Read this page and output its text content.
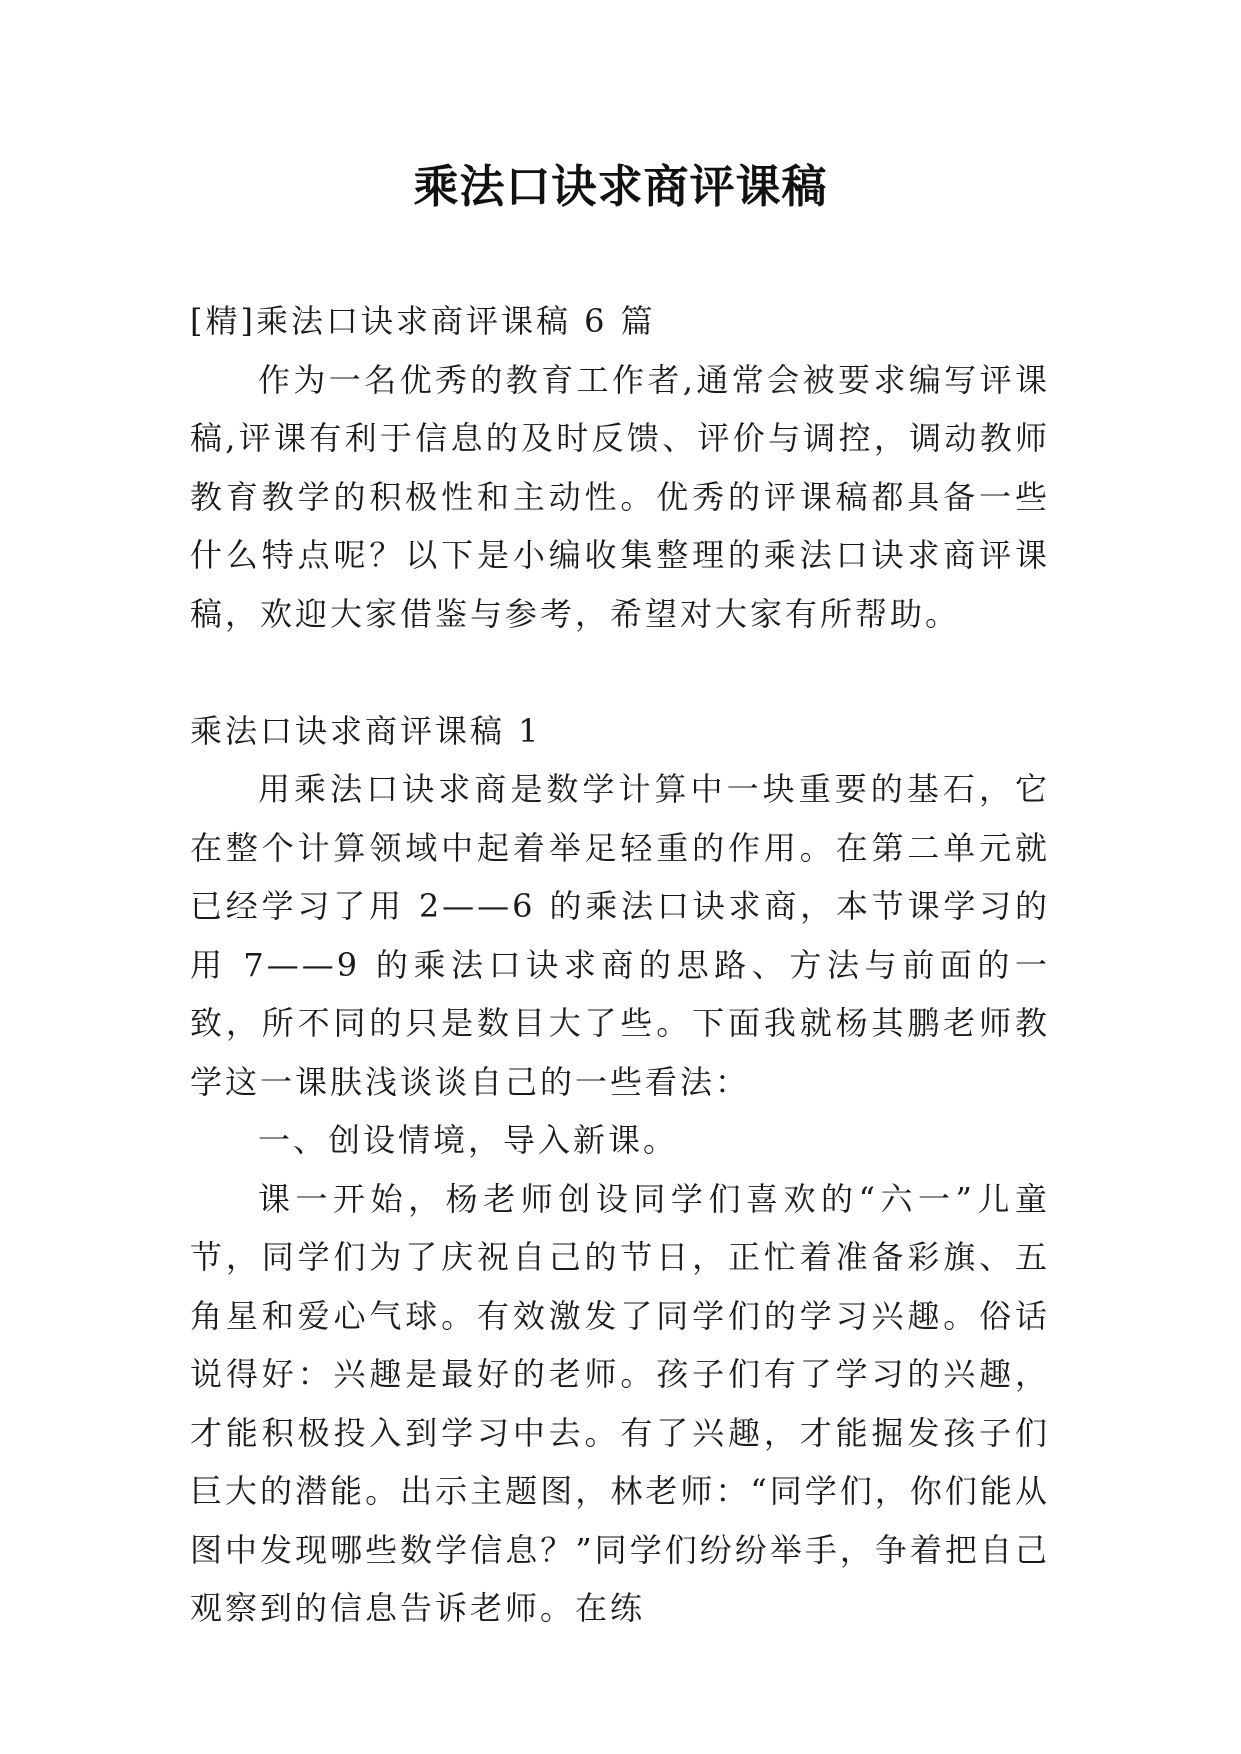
乘法口诀求商评课稿

[精]乘法口诀求商评课稿 6 篇

作为一名优秀的教育工作者,通常会被要求编写评课稿,评课有利于信息的及时反馈、评价与调控，调动教师教育教学的积极性和主动性。优秀的评课稿都具备一些什么特点呢？以下是小编收集整理的乘法口诀求商评课稿，欢迎大家借鉴与参考，希望对大家有所帮助。

乘法口诀求商评课稿 1

用乘法口诀求商是数学计算中一块重要的基石，它在整个计算领域中起着举足轻重的作用。在第二单元就已经学习了用 2——6 的乘法口诀求商，本节课学习的用 7——9 的乘法口诀求商的思路、方法与前面的一致，所不同的只是数目大了些。下面我就杨其鹏老师教学这一课肤浅谈谈自己的一些看法：

一、创设情境，导入新课。

课一开始，杨老师创设同学们喜欢的“六一”儿童节，同学们为了庆祝自己的节日，正忙着准备彩旗、五角星和爱心气球。有效激发了同学们的学习兴趣。俗话说得好：兴趣是最好的老师。孩子们有了学习的兴趣，才能积极投入到学习中去。有了兴趣，才能掘发孩子们巨大的潜能。出示主题图，林老师：“同学们，你们能从图中发现哪些数学信息？”同学们纷纷举手，争着把自己观察到的信息告诉老师。在练
